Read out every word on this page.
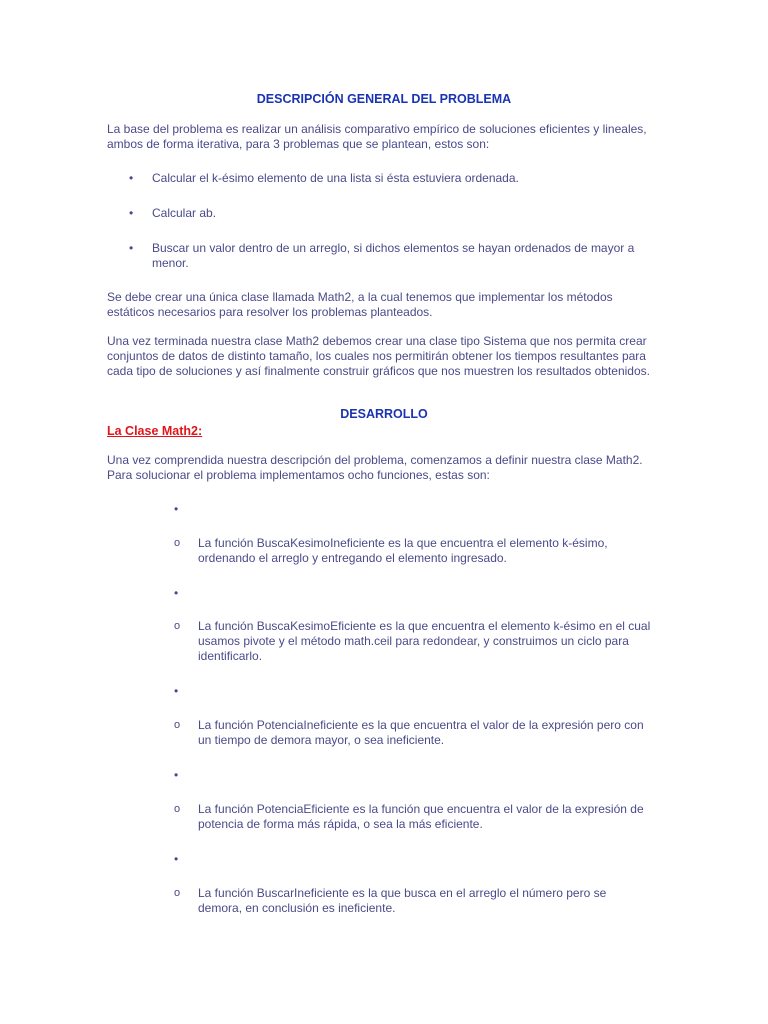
DESCRIPCIÓN GENERAL DEL PROBLEMA
La base del problema es realizar un análisis comparativo empírico de soluciones eficientes y lineales, ambos de forma iterativa, para 3 problemas que se plantean, estos son:
• Calcular el k-ésimo elemento de una lista si ésta estuviera ordenada.
• Calcular ab.
• Buscar un valor dentro de un arreglo, si dichos elementos se hayan ordenados de mayor a menor.
Se debe crear una única clase llamada Math2, a la cual tenemos que implementar los métodos estáticos necesarios para resolver los problemas planteados.
Una vez terminada nuestra clase Math2 debemos crear una clase tipo Sistema que nos permita crear conjuntos de datos de distinto tamaño, los cuales nos permitirán obtener los tiempos resultantes para cada tipo de soluciones y así finalmente construir gráficos que nos muestren los resultados obtenidos.
DESARROLLO
La Clase Math2:
Una vez comprendida nuestra descripción del problema, comenzamos a definir nuestra clase Math2. Para solucionar el problema implementamos ocho funciones, estas son:
•
o La función BuscaKesimoIneficiente es la que encuentra el elemento k-ésimo, ordenando el arreglo y entregando el elemento ingresado.
•
o La función BuscaKesimoEficiente es la que encuentra el elemento k-ésimo en el cual usamos pivote y el método math.ceil para redondear, y construimos un ciclo para identificarlo.
•
o La función PotenciaIneficiente es la que encuentra el valor de la expresión pero con un tiempo de demora mayor, o sea ineficiente.
•
o La función PotenciaEficiente es la función que encuentra el valor de la expresión de potencia de forma más rápida, o sea la más eficiente.
•
o La función BuscarIneficiente es la que busca en el arreglo el número pero se demora, en conclusión es ineficiente.
